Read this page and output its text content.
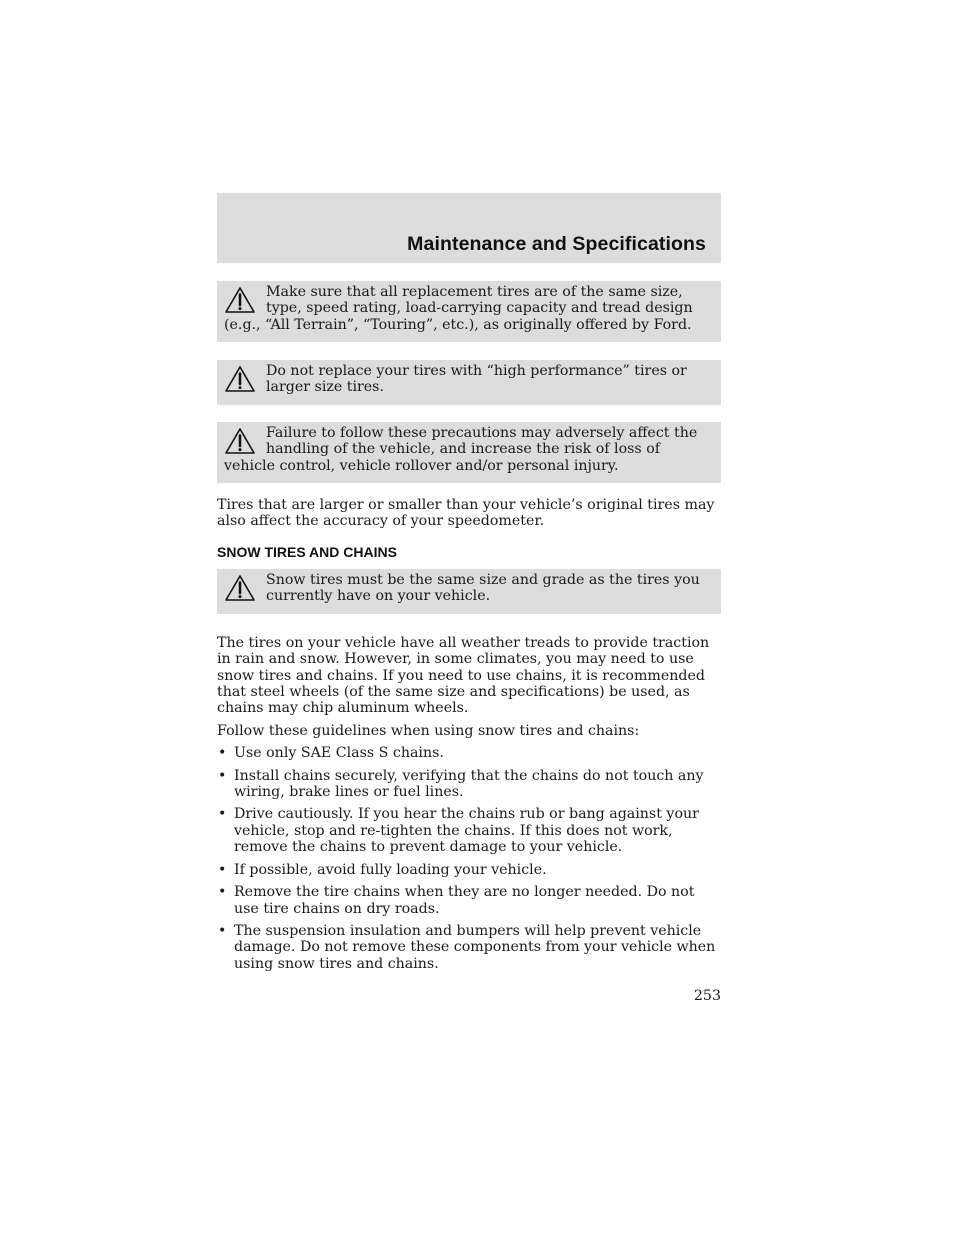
Maintenance and Specifications
Make sure that all replacement tires are of the same size, type, speed rating, load-carrying capacity and tread design (e.g., “All Terrain”, “Touring”, etc.), as originally offered by Ford.
Do not replace your tires with “high performance” tires or larger size tires.
Failure to follow these precautions may adversely affect the handling of the vehicle, and increase the risk of loss of vehicle control, vehicle rollover and/or personal injury.

Tires that are larger or smaller than your vehicle’s original tires may also affect the accuracy of your speedometer.

SNOW TIRES AND CHAINS
Snow tires must be the same size and grade as the tires you currently have on your vehicle.

The tires on your vehicle have all weather treads to provide traction in rain and snow. However, in some climates, you may need to use snow tires and chains. If you need to use chains, it is recommended that steel wheels (of the same size and specifications) be used, as chains may chip aluminum wheels.

Follow these guidelines when using snow tires and chains:

• Use only SAE Class S chains.
• Install chains securely, verifying that the chains do not touch any wiring, brake lines or fuel lines.
• Drive cautiously. If you hear the chains rub or bang against your vehicle, stop and re-tighten the chains. If this does not work, remove the chains to prevent damage to your vehicle.
• If possible, avoid fully loading your vehicle.
• Remove the tire chains when they are no longer needed. Do not use tire chains on dry roads.
• The suspension insulation and bumpers will help prevent vehicle damage. Do not remove these components from your vehicle when using snow tires and chains.
253
